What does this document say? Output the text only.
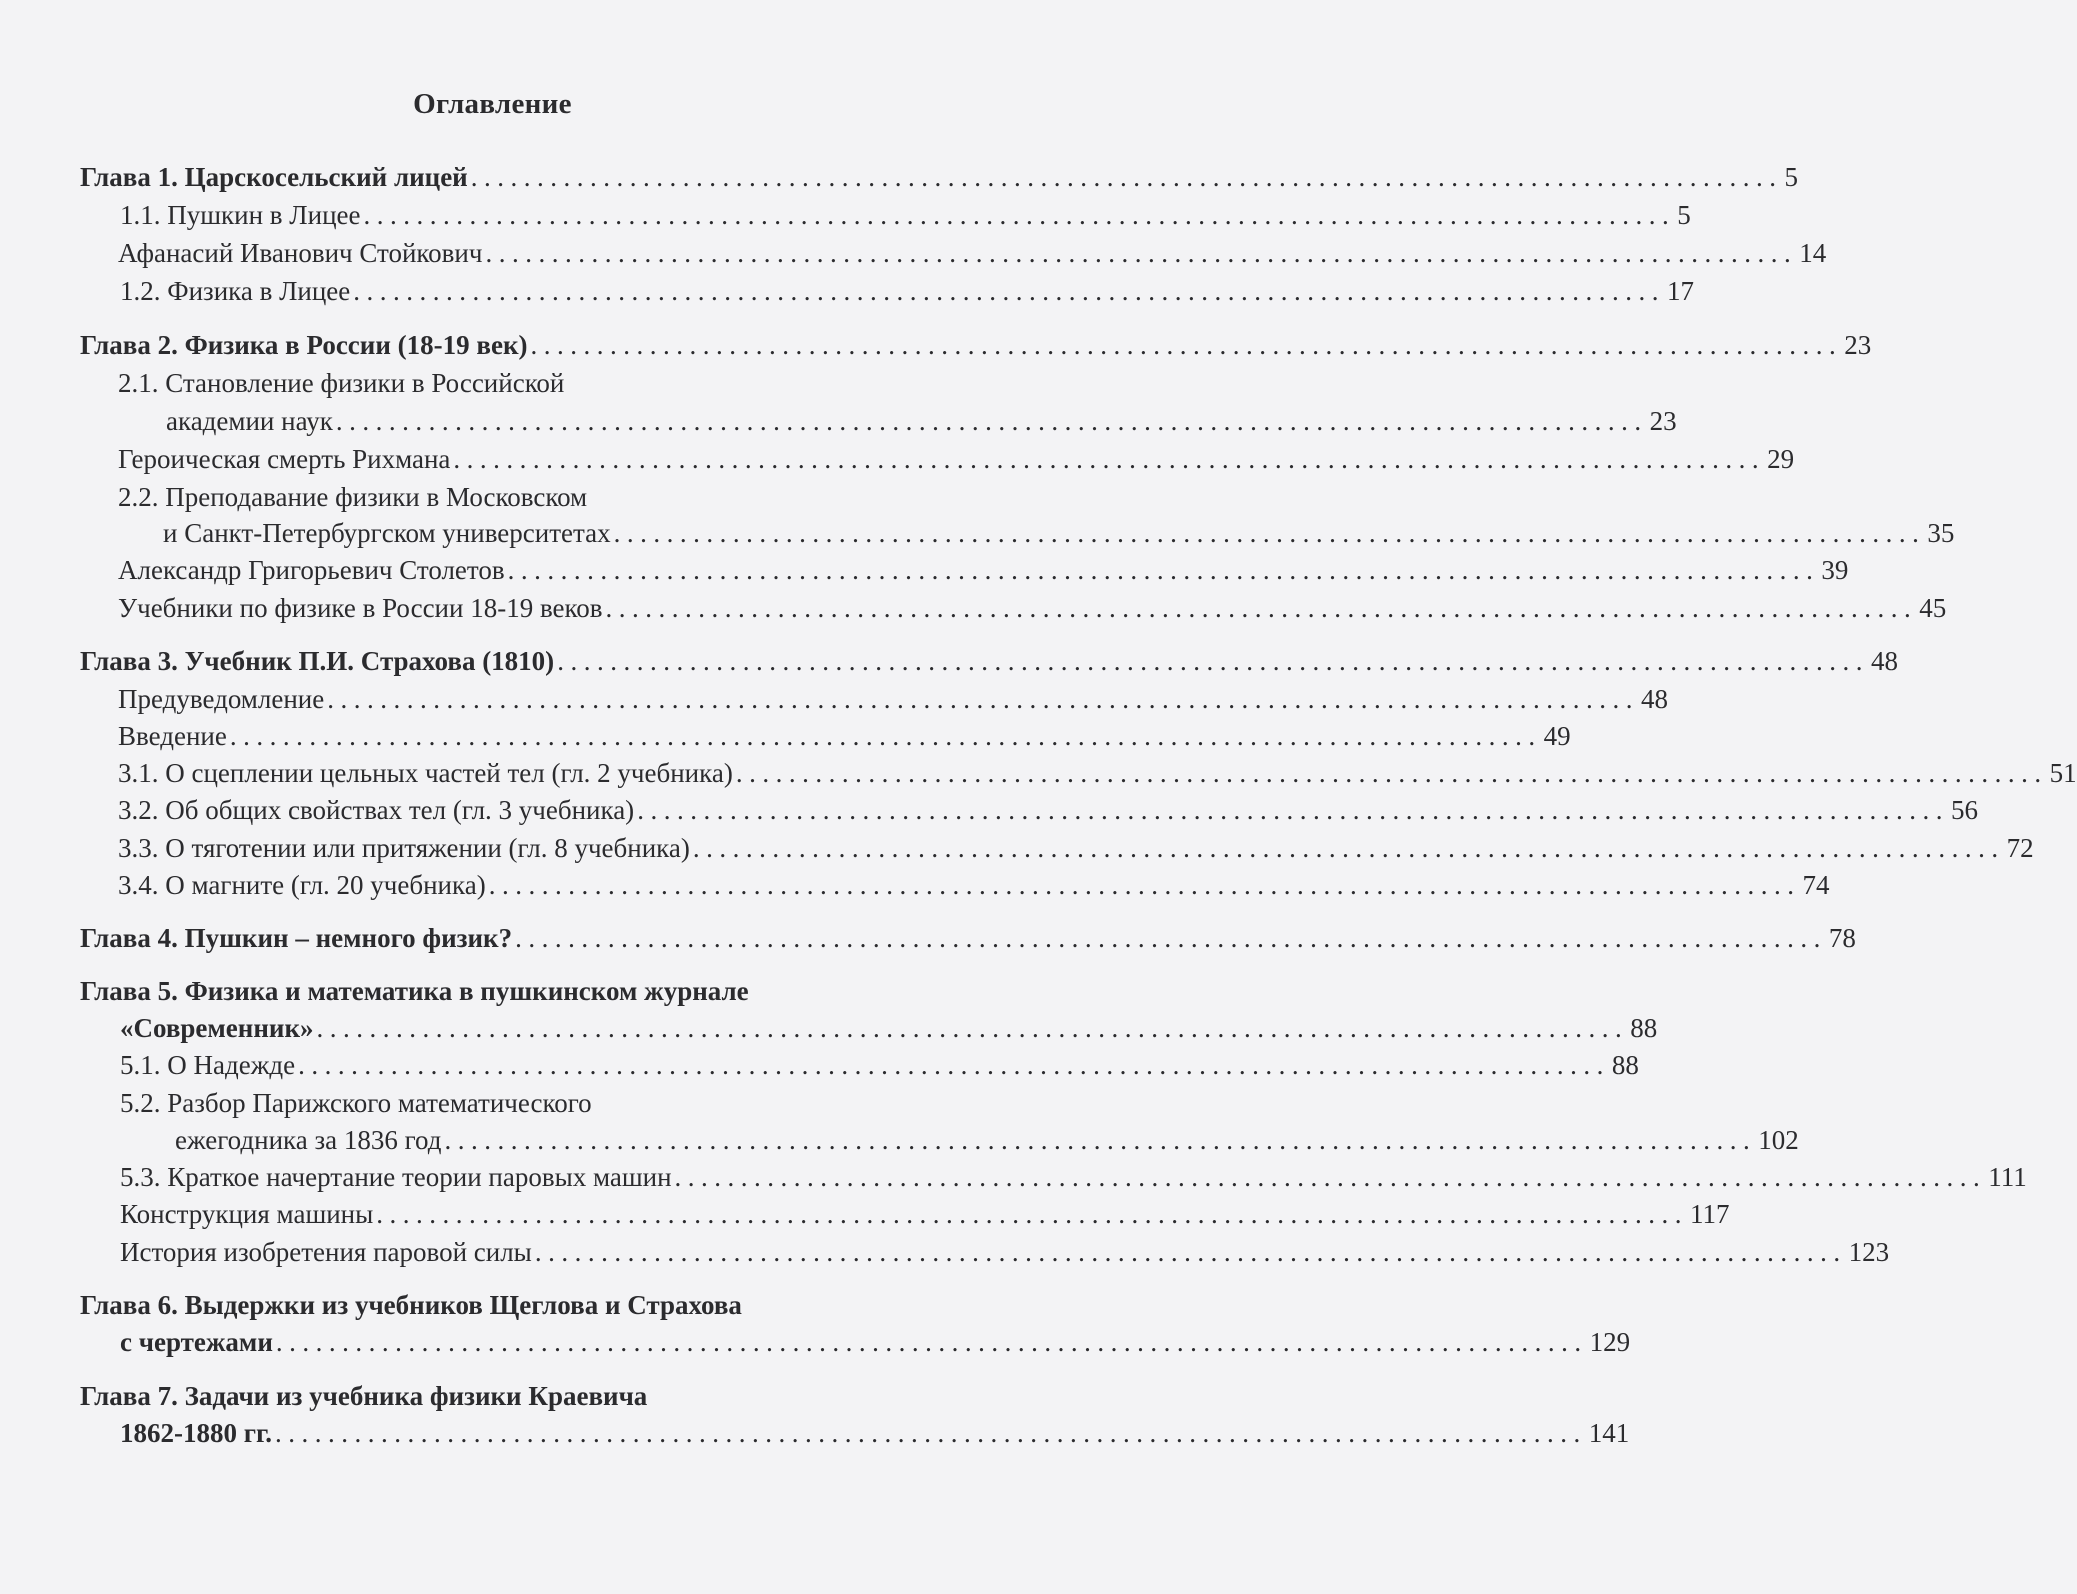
Оглавление
Глава 1. Царскосельский лицей ................................................................................................... 5
1.1. Пушкин в Лицее ................................................................................................... 5
Афанасий Иванович Стойкович ................................................................................................... 14
1.2. Физика в Лицее ................................................................................................... 17
Глава 2. Физика в России (18-19 век) ................................................................................................... 23
2.1. Становление физики в Российской
академии наук ................................................................................................... 23
Героическая смерть Рихмана ................................................................................................... 29
2.2. Преподавание физики в Московском
и Санкт-Петербургском университетах ................................................................................................... 35
Александр Григорьевич Столетов ................................................................................................... 39
Учебники по физике в России 18-19 веков ................................................................................................... 45
Глава 3. Учебник П.И. Страхова (1810) ................................................................................................... 48
Предуведомление ................................................................................................... 48
Введение ................................................................................................... 49
3.1. О сцеплении цельных частей тел (гл. 2 учебника) ................................................................................................... 51
3.2. Об общих свойствах тел (гл. 3 учебника) ................................................................................................... 56
3.3. О тяготении или притяжении (гл. 8 учебника) ................................................................................................... 72
3.4. О магните (гл. 20 учебника) ................................................................................................... 74
Глава 4. Пушкин – немного физик? ................................................................................................... 78
Глава 5. Физика и математика в пушкинском журнале
«Современник» ................................................................................................... 88
5.1. О Надежде ................................................................................................... 88
5.2. Разбор Парижского математического
ежегодника за 1836 год ................................................................................................... 102
5.3. Краткое начертание теории паровых машин ................................................................................................... 111
Конструкция машины ................................................................................................... 117
История изобретения паровой силы ................................................................................................... 123
Глава 6. Выдержки из учебников Щеглова и Страхова
с чертежами ................................................................................................... 129
Глава 7. Задачи из учебника физики Краевича
1862-1880 гг. ................................................................................................... 141
